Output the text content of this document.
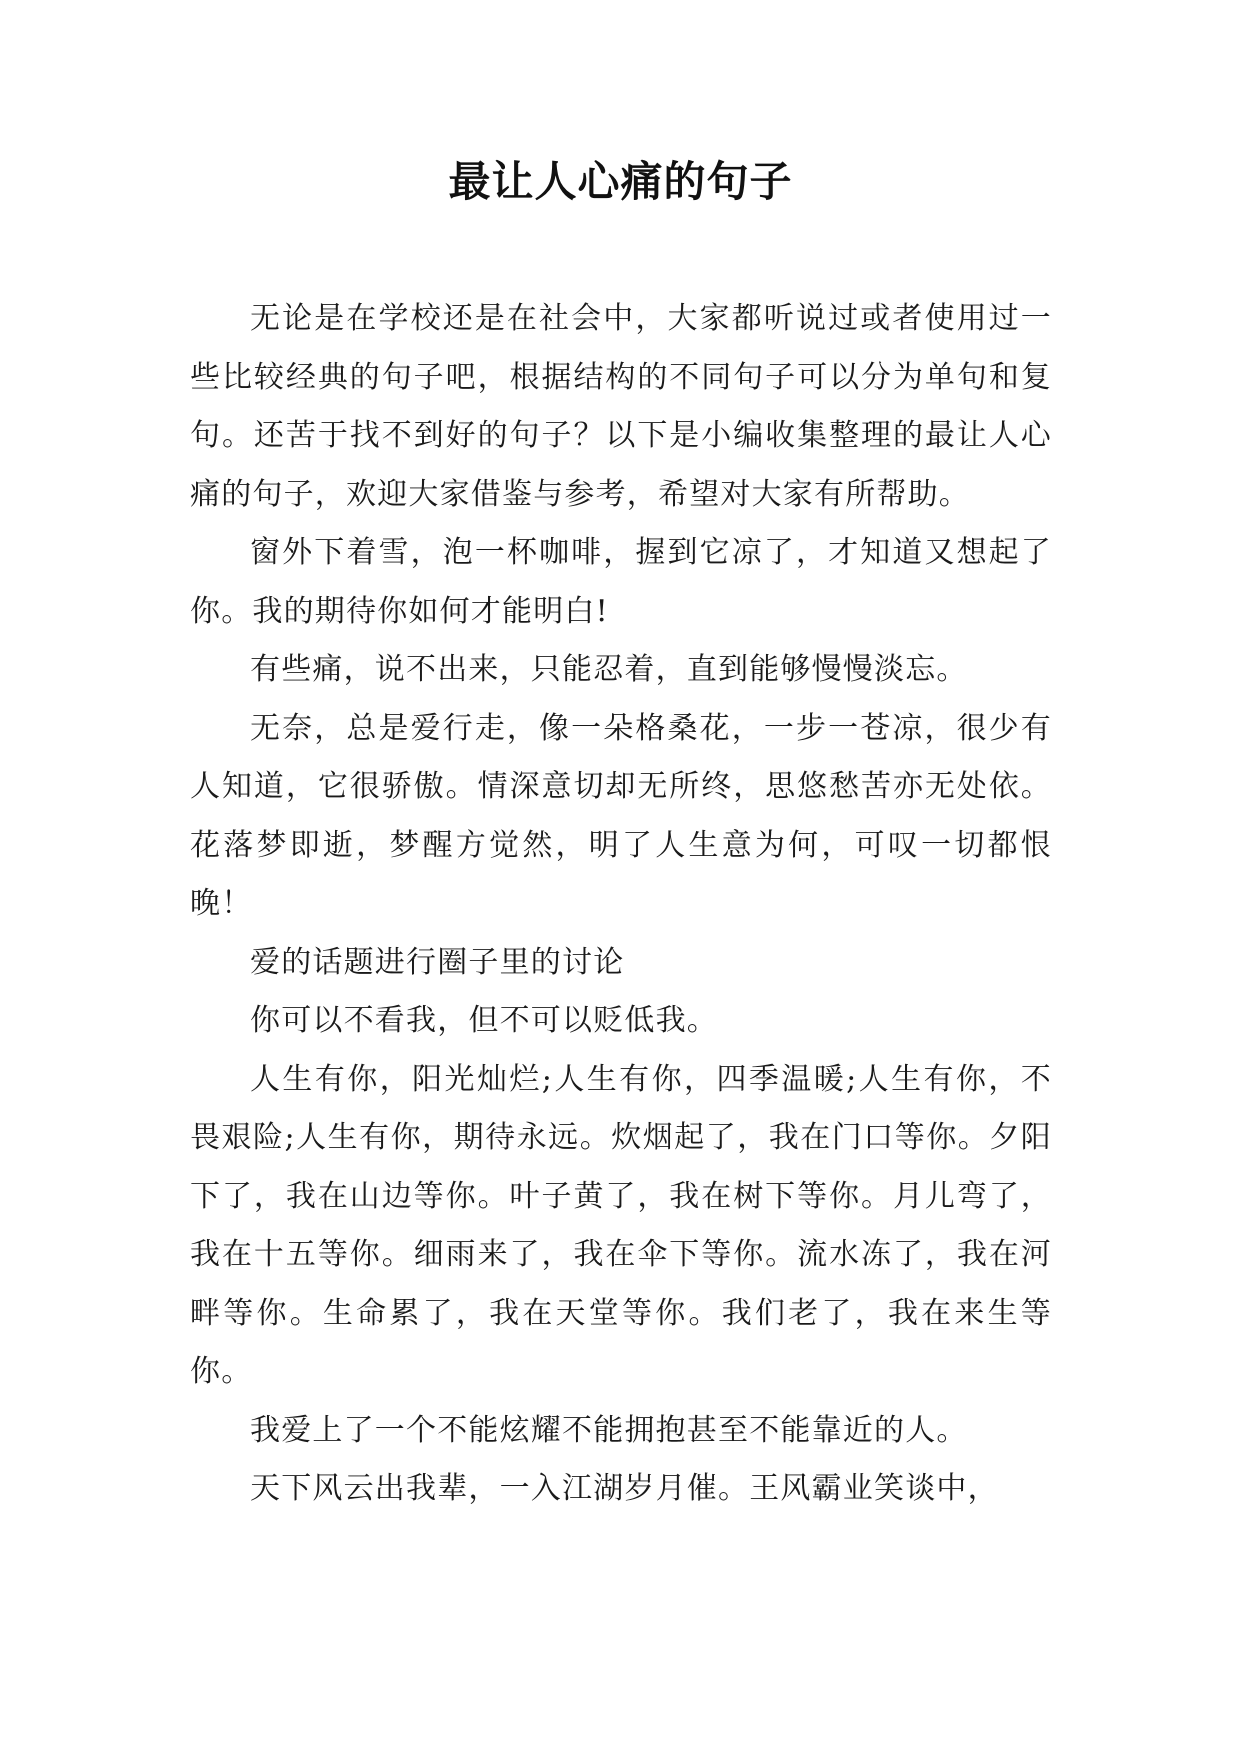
最让人心痛的句子

无论是在学校还是在社会中，大家都听说过或者使用过一些比较经典的句子吧，根据结构的不同句子可以分为单句和复句。还苦于找不到好的句子？以下是小编收集整理的最让人心痛的句子，欢迎大家借鉴与参考，希望对大家有所帮助。

窗外下着雪，泡一杯咖啡，握到它凉了，才知道又想起了你。我的期待你如何才能明白!

有些痛，说不出来，只能忍着，直到能够慢慢淡忘。

无奈，总是爱行走，像一朵格桑花，一步一苍凉，很少有人知道，它很骄傲。情深意切却无所终，思悠愁苦亦无处依。花落梦即逝，梦醒方觉然，明了人生意为何，可叹一切都恨晚！

爱的话题进行圈子里的讨论

你可以不看我，但不可以贬低我。

人生有你，阳光灿烂;人生有你，四季温暖;人生有你，不畏艰险;人生有你，期待永远。炊烟起了，我在门口等你。夕阳下了，我在山边等你。叶子黄了，我在树下等你。月儿弯了，我在十五等你。细雨来了，我在伞下等你。流水冻了，我在河畔等你。生命累了，我在天堂等你。我们老了，我在来生等你。

我爱上了一个不能炫耀不能拥抱甚至不能靠近的人。

天下风云出我辈，一入江湖岁月催。王风霸业笑谈中，
